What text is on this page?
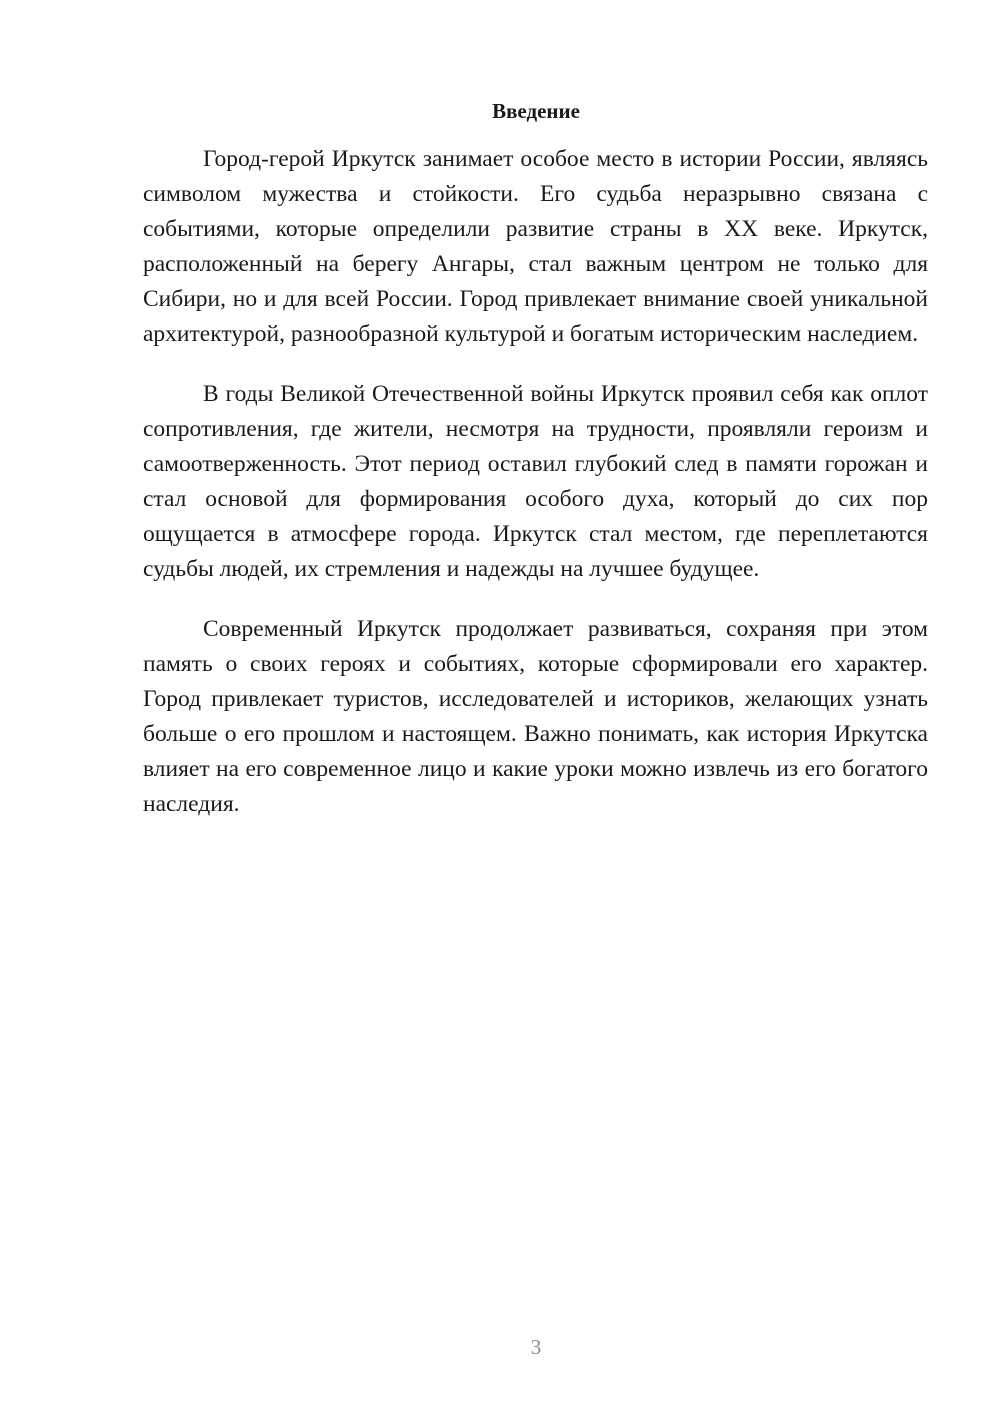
Введение

Город-герой Иркутск занимает особое место в истории России, являясь символом мужества и стойкости. Его судьба неразрывно связана с событиями, которые определили развитие страны в XX веке. Иркутск, расположенный на берегу Ангары, стал важным центром не только для Сибири, но и для всей России. Город привлекает внимание своей уникальной архитектурой, разнообразной культурой и богатым историческим наследием.

В годы Великой Отечественной войны Иркутск проявил себя как оплот сопротивления, где жители, несмотря на трудности, проявляли героизм и самоотверженность. Этот период оставил глубокий след в памяти горожан и стал основой для формирования особого духа, который до сих пор ощущается в атмосфере города. Иркутск стал местом, где переплетаются судьбы людей, их стремления и надежды на лучшее будущее.

Современный Иркутск продолжает развиваться, сохраняя при этом память о своих героях и событиях, которые сформировали его характер. Город привлекает туристов, исследователей и историков, желающих узнать больше о его прошлом и настоящем. Важно понимать, как история Иркутска влияет на его современное лицо и какие уроки можно извлечь из его богатого наследия.

3
